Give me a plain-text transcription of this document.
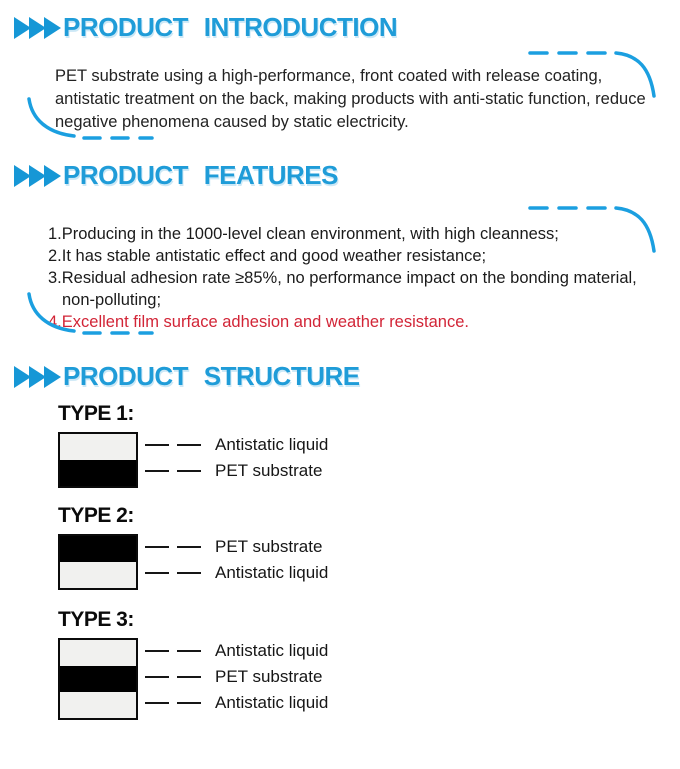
PRODUCT INTRODUCTION

PET substrate using a high-performance, front coated with release coating, antistatic treatment on the back, making products with anti-static function, reduce negative phenomena caused by static electricity.

PRODUCT FEATURES
1.Producing in the 1000-level clean environment, with high cleanness;
2.It has stable antistatic effect and good weather resistance;
3.Residual adhesion rate ≥85%, no performance impact on the bonding material, non-polluting;
4.Excellent film surface adhesion and weather resistance.
PRODUCT STRUCTURE
TYPE 1:
Antistatic liquid
PET substrate
TYPE 2:
PET substrate
Antistatic liquid
TYPE 3:
Antistatic liquid
PET substrate
Antistatic liquid
